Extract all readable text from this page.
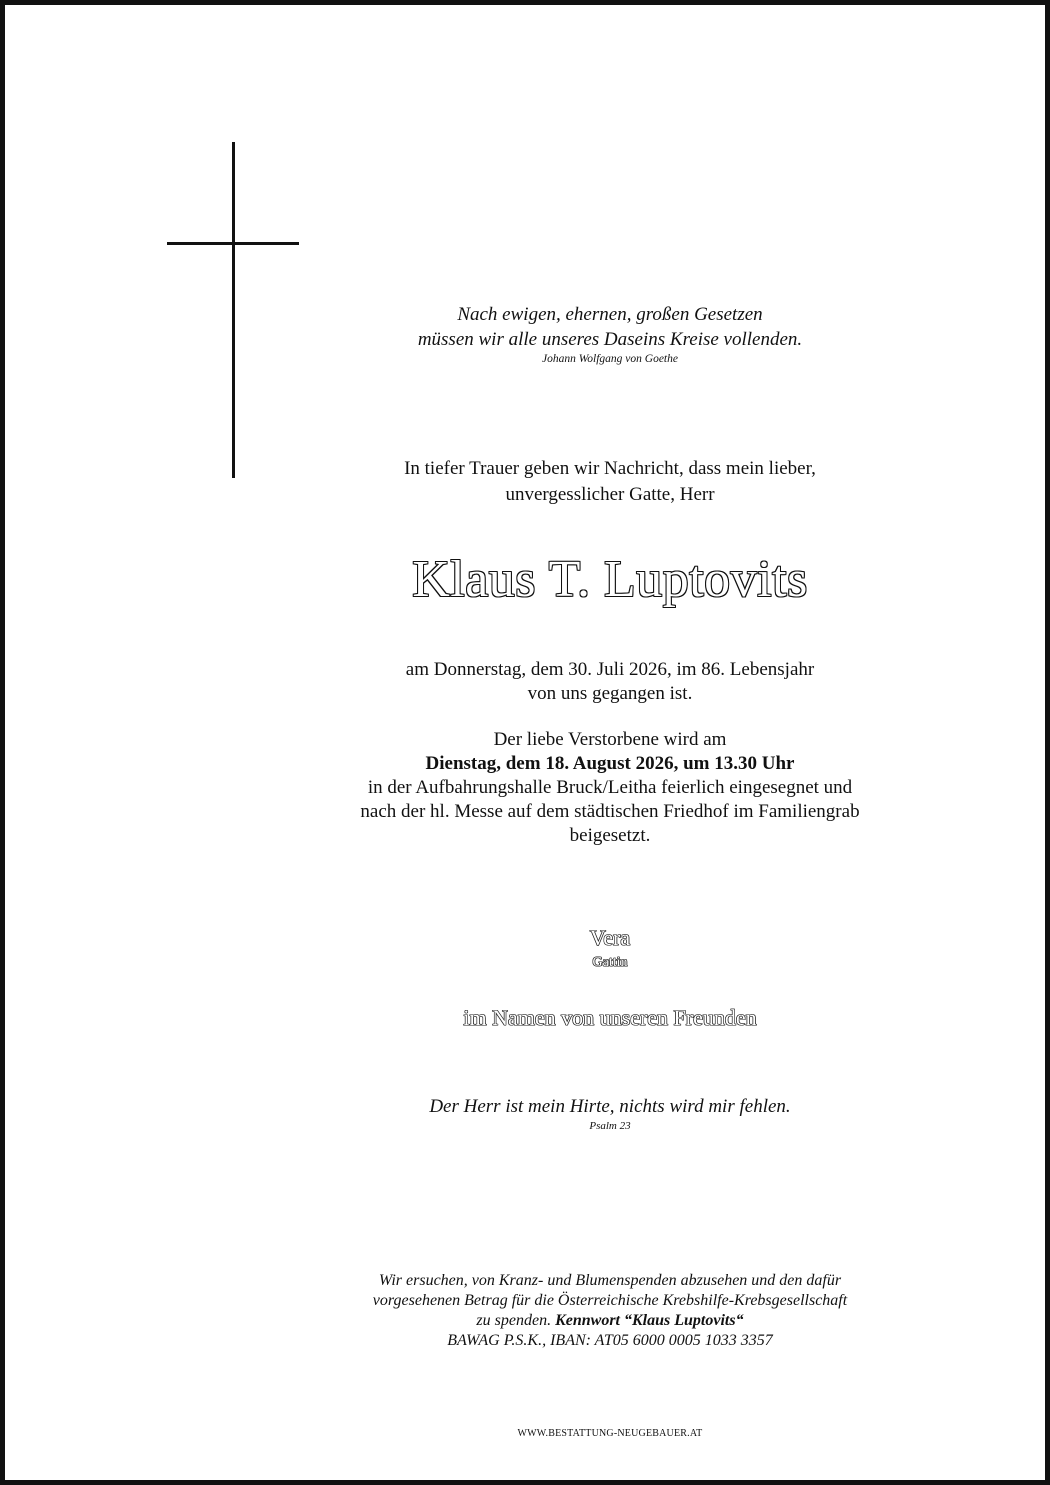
Nach ewigen, ehernen, großen Gesetzen
müssen wir alle unseres Daseins Kreise vollenden.
Johann Wolfgang von Goethe
In tiefer Trauer geben wir Nachricht, dass mein lieber,
unvergesslicher Gatte, Herr
Klaus T. Luptovits
am Donnerstag, dem 30. Juli 2026, im 86. Lebensjahr
von uns gegangen ist.
Der liebe Verstorbene wird am
Dienstag, dem 18. August 2026, um 13.30 Uhr
in der Aufbahrungshalle Bruck/Leitha feierlich eingesegnet und
nach der hl. Messe auf dem städtischen Friedhof im Familiengrab
beigesetzt.
Vera
Gattin
im Namen von unseren Freunden
Der Herr ist mein Hirte, nichts wird mir fehlen.
Psalm 23
Wir ersuchen, von Kranz- und Blumenspenden abzusehen und den dafür
vorgesehenen Betrag für die Österreichische Krebshilfe-Krebsgesellschaft
zu spenden. Kennwort “Klaus Luptovits“
BAWAG P.S.K., IBAN: AT05 6000 0005 1033 3357
WWW.BESTATTUNG-NEUGEBAUER.AT
